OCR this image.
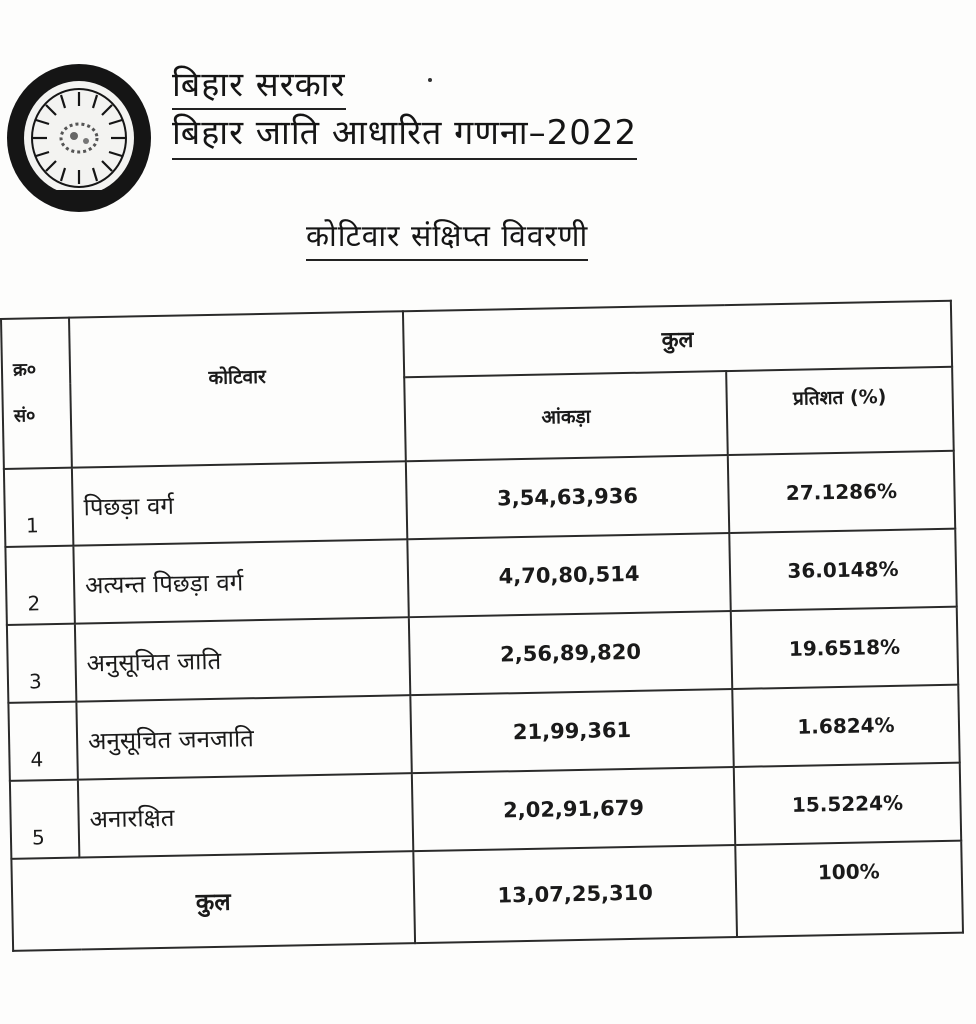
बिहार सरकार
बिहार जाति आधारित गणना–2022
कोटिवार संक्षिप्त विवरणी
क्र०
सं०	कोटिवार	कुल	
		आंकड़ा	प्रतिशत (%)
1	पिछड़ा वर्ग	3,54,63,936	27.1286%
2	अत्यन्त पिछड़ा वर्ग	4,70,80,514	36.0148%
3	अनुसूचित जाति	2,56,89,820	19.6518%
4	अनुसूचित जनजाति	21,99,361	1.6824%
5	अनारक्षित	2,02,91,679	15.5224%
कुल		13,07,25,310	100%
